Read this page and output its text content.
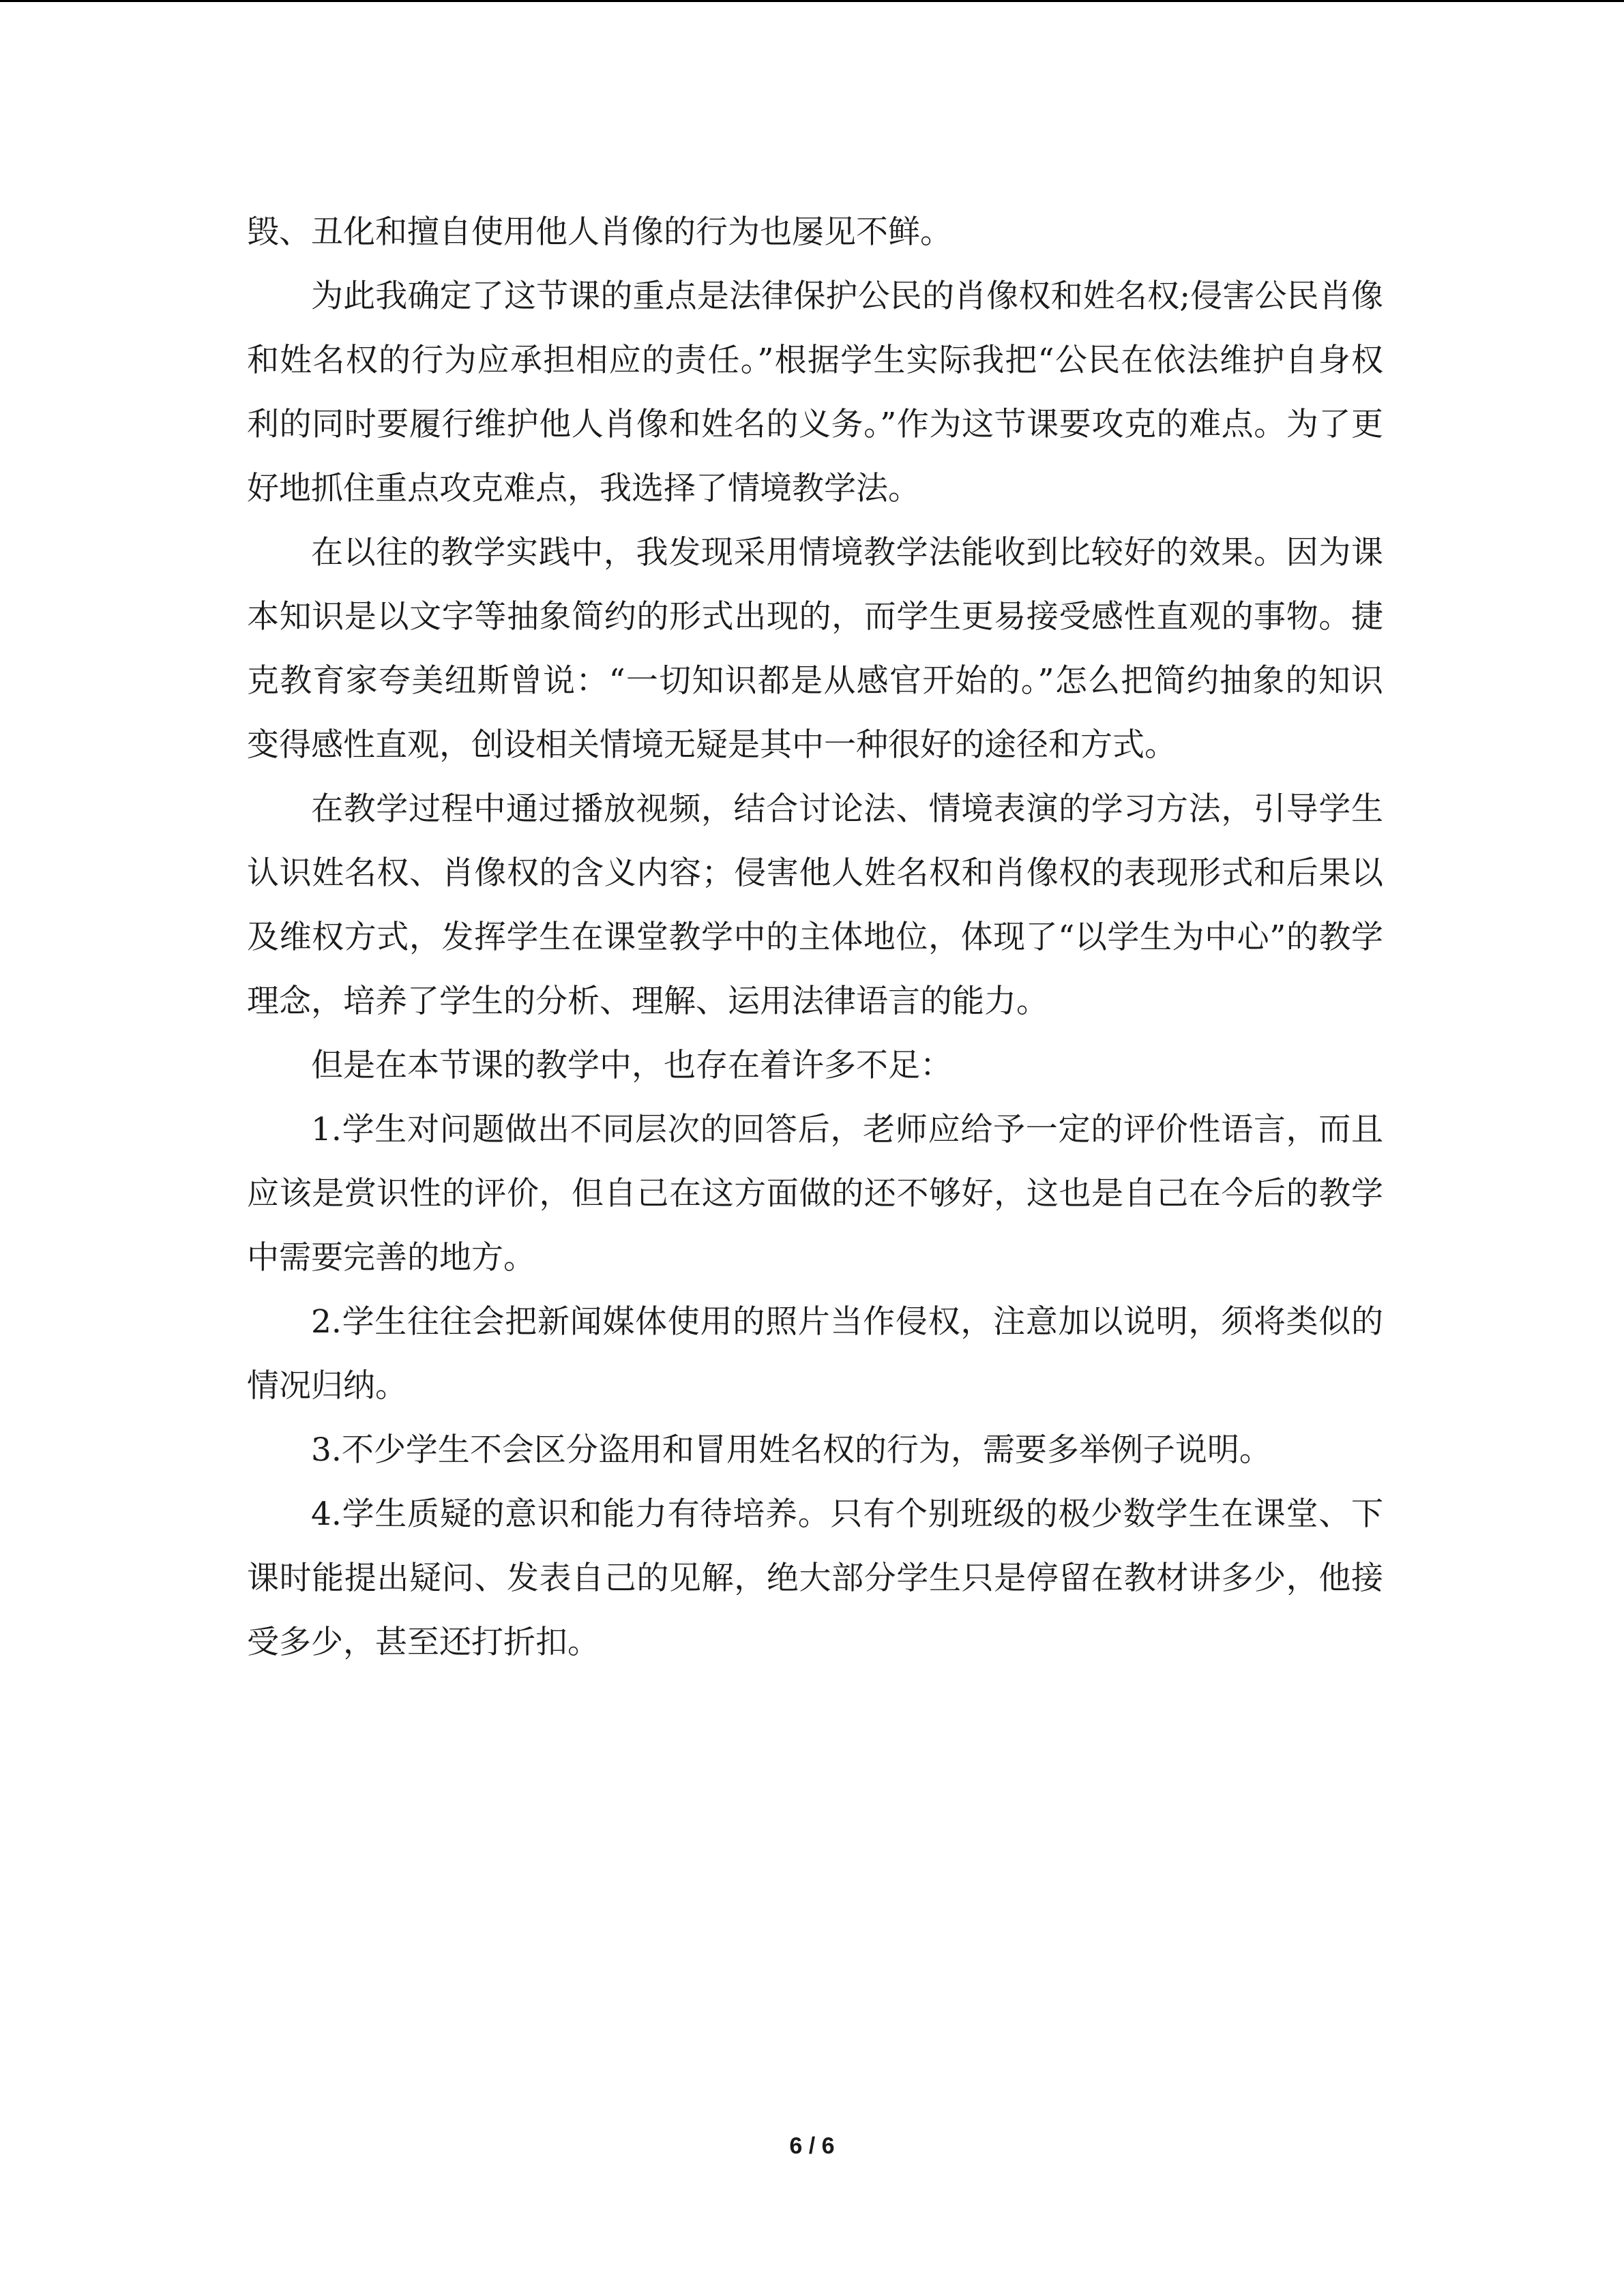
毁、丑化和擅自使用他人肖像的行为也屡见不鲜。

为此我确定了这节课的重点是法律保护公民的肖像权和姓名权;侵害公民肖像和姓名权的行为应承担相应的责任。”根据学生实际我把“公民在依法维护自身权利的同时要履行维护他人肖像和姓名的义务。”作为这节课要攻克的难点。为了更好地抓住重点攻克难点，我选择了情境教学法。

在以往的教学实践中，我发现采用情境教学法能收到比较好的效果。因为课本知识是以文字等抽象简约的形式出现的，而学生更易接受感性直观的事物。捷克教育家夸美纽斯曾说：“一切知识都是从感官开始的。”怎么把简约抽象的知识变得感性直观，创设相关情境无疑是其中一种很好的途径和方式。

在教学过程中通过播放视频，结合讨论法、情境表演的学习方法，引导学生认识姓名权、肖像权的含义内容；侵害他人姓名权和肖像权的表现形式和后果以及维权方式，发挥学生在课堂教学中的主体地位，体现了“以学生为中心”的教学理念，培养了学生的分析、理解、运用法律语言的能力。

但是在本节课的教学中，也存在着许多不足：

1.学生对问题做出不同层次的回答后，老师应给予一定的评价性语言，而且应该是赏识性的评价，但自己在这方面做的还不够好，这也是自己在今后的教学中需要完善的地方。

2.学生往往会把新闻媒体使用的照片当作侵权，注意加以说明，须将类似的情况归纳。

3.不少学生不会区分盗用和冒用姓名权的行为，需要多举例子说明。

4.学生质疑的意识和能力有待培养。只有个别班级的极少数学生在课堂、下课时能提出疑问、发表自己的见解，绝大部分学生只是停留在教材讲多少，他接受多少，甚至还打折扣。

6 / 6
